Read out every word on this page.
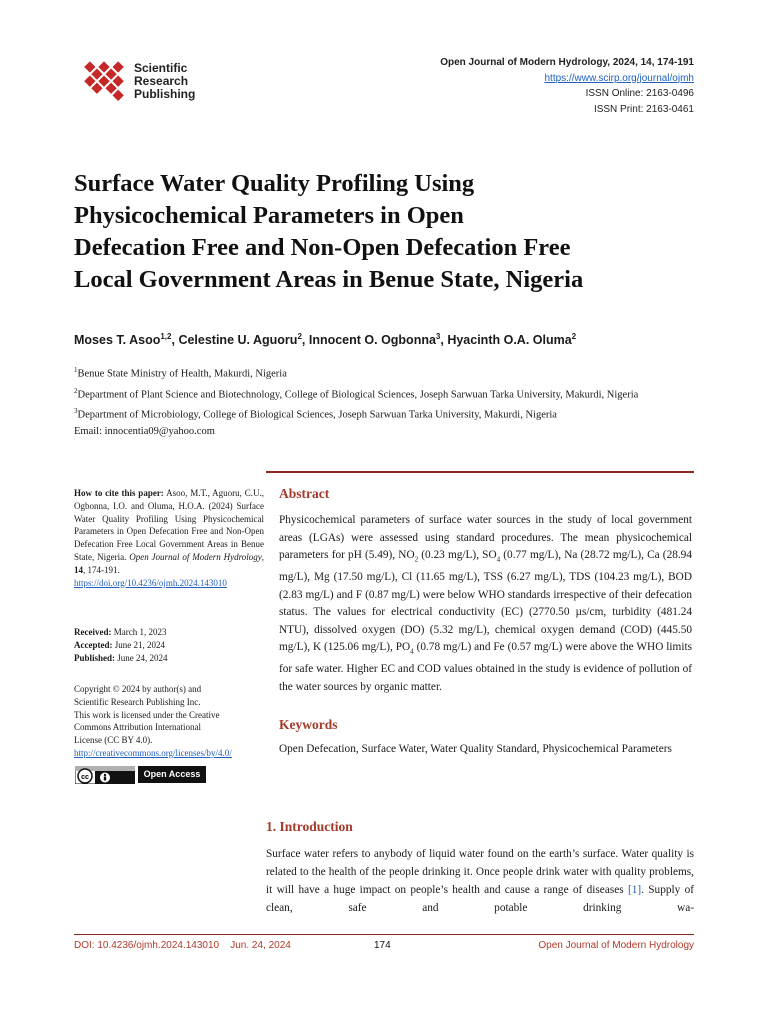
Scientific
Research
Publishing
Open Journal of Modern Hydrology, 2024, 14, 174-191
https://www.scirp.org/journal/ojmh
ISSN Online: 2163-0496
ISSN Print: 2163-0461
Surface Water Quality Profiling Using
Physicochemical Parameters in Open
Defecation Free and Non-Open Defecation Free
Local Government Areas in Benue State, Nigeria
Moses T. Asoo$^{1,2}$, Celestine U. Aguoru$^2$, Innocent O. Ogbonna$^3$, Hyacinth O.A. Oluma$^2$
$^1$Benue State Ministry of Health, Makurdi, Nigeria
$^2$Department of Plant Science and Biotechnology, College of Biological Sciences, Joseph Sarwuan Tarka University, Makurdi, Nigeria
$^3$Department of Microbiology, College of Biological Sciences, Joseph Sarwuan Tarka University, Makurdi, Nigeria
Email: innocentia09@yahoo.com
How to cite this paper: Asoo, M.T., Aguoru, C.U., Ogbonna, I.O. and Oluma, H.O.A. (2024) Surface Water Quality Profiling Using Physicochemical Parameters in Open Defecation Free and Non-Open Defecation Free Local Government Areas in Benue State, Nigeria. Open Journal of Modern Hydrology, 14, 174-191.
https://doi.org/10.4236/ojmh.2024.143010
Received: March 1, 2023
Accepted: June 21, 2024
Published: June 24, 2024
Copyright © 2024 by author(s) and
Scientific Research Publishing Inc.
This work is licensed under the Creative
Commons Attribution International
License (CC BY 4.0).
http://creativecommons.org/licenses/by/4.0/
cc	Open Access
Abstract
Physicochemical parameters of surface water sources in the study of local government areas (LGAs) were assessed using standard procedures. The mean physicochemical parameters for pH (5.49), $NO_2$ (0.23 mg/L), $SO_4$ (0.77 mg/L), Na (28.72 mg/L), Ca (28.94 mg/L), Mg (17.50 mg/L), Cl (11.65 mg/L), TSS (6.27 mg/L), TDS (104.23 mg/L), BOD (2.83 mg/L) and F (0.87 mg/L) were below WHO standards irrespective of their defecation status. The values for electrical conductivity (EC) (2770.50 µs/cm, turbidity (481.24 NTU), dissolved oxygen (DO) (5.32 mg/L), chemical oxygen demand (COD) (445.50 mg/L), K (125.06 mg/L), $PO_4$ (0.78 mg/L) and Fe (0.57 mg/L) were above the WHO limits for safe water. Higher EC and COD values obtained in the study is evidence of pollution of the water sources by organic matter.
Keywords
Open Defecation, Surface Water, Water Quality Standard, Physicochemical Parameters
1. Introduction
Surface water refers to anybody of liquid water found on the earth’s surface. Water quality is related to the health of the people drinking it. Once people drink water with quality problems, it will have a huge impact on people’s health and cause a range of diseases [1]. Supply of clean, safe and potable drinking wa-
DOI: 10.4236/ojmh.2024.143010 Jun. 24, 2024	174	Open Journal of Modern Hydrology
